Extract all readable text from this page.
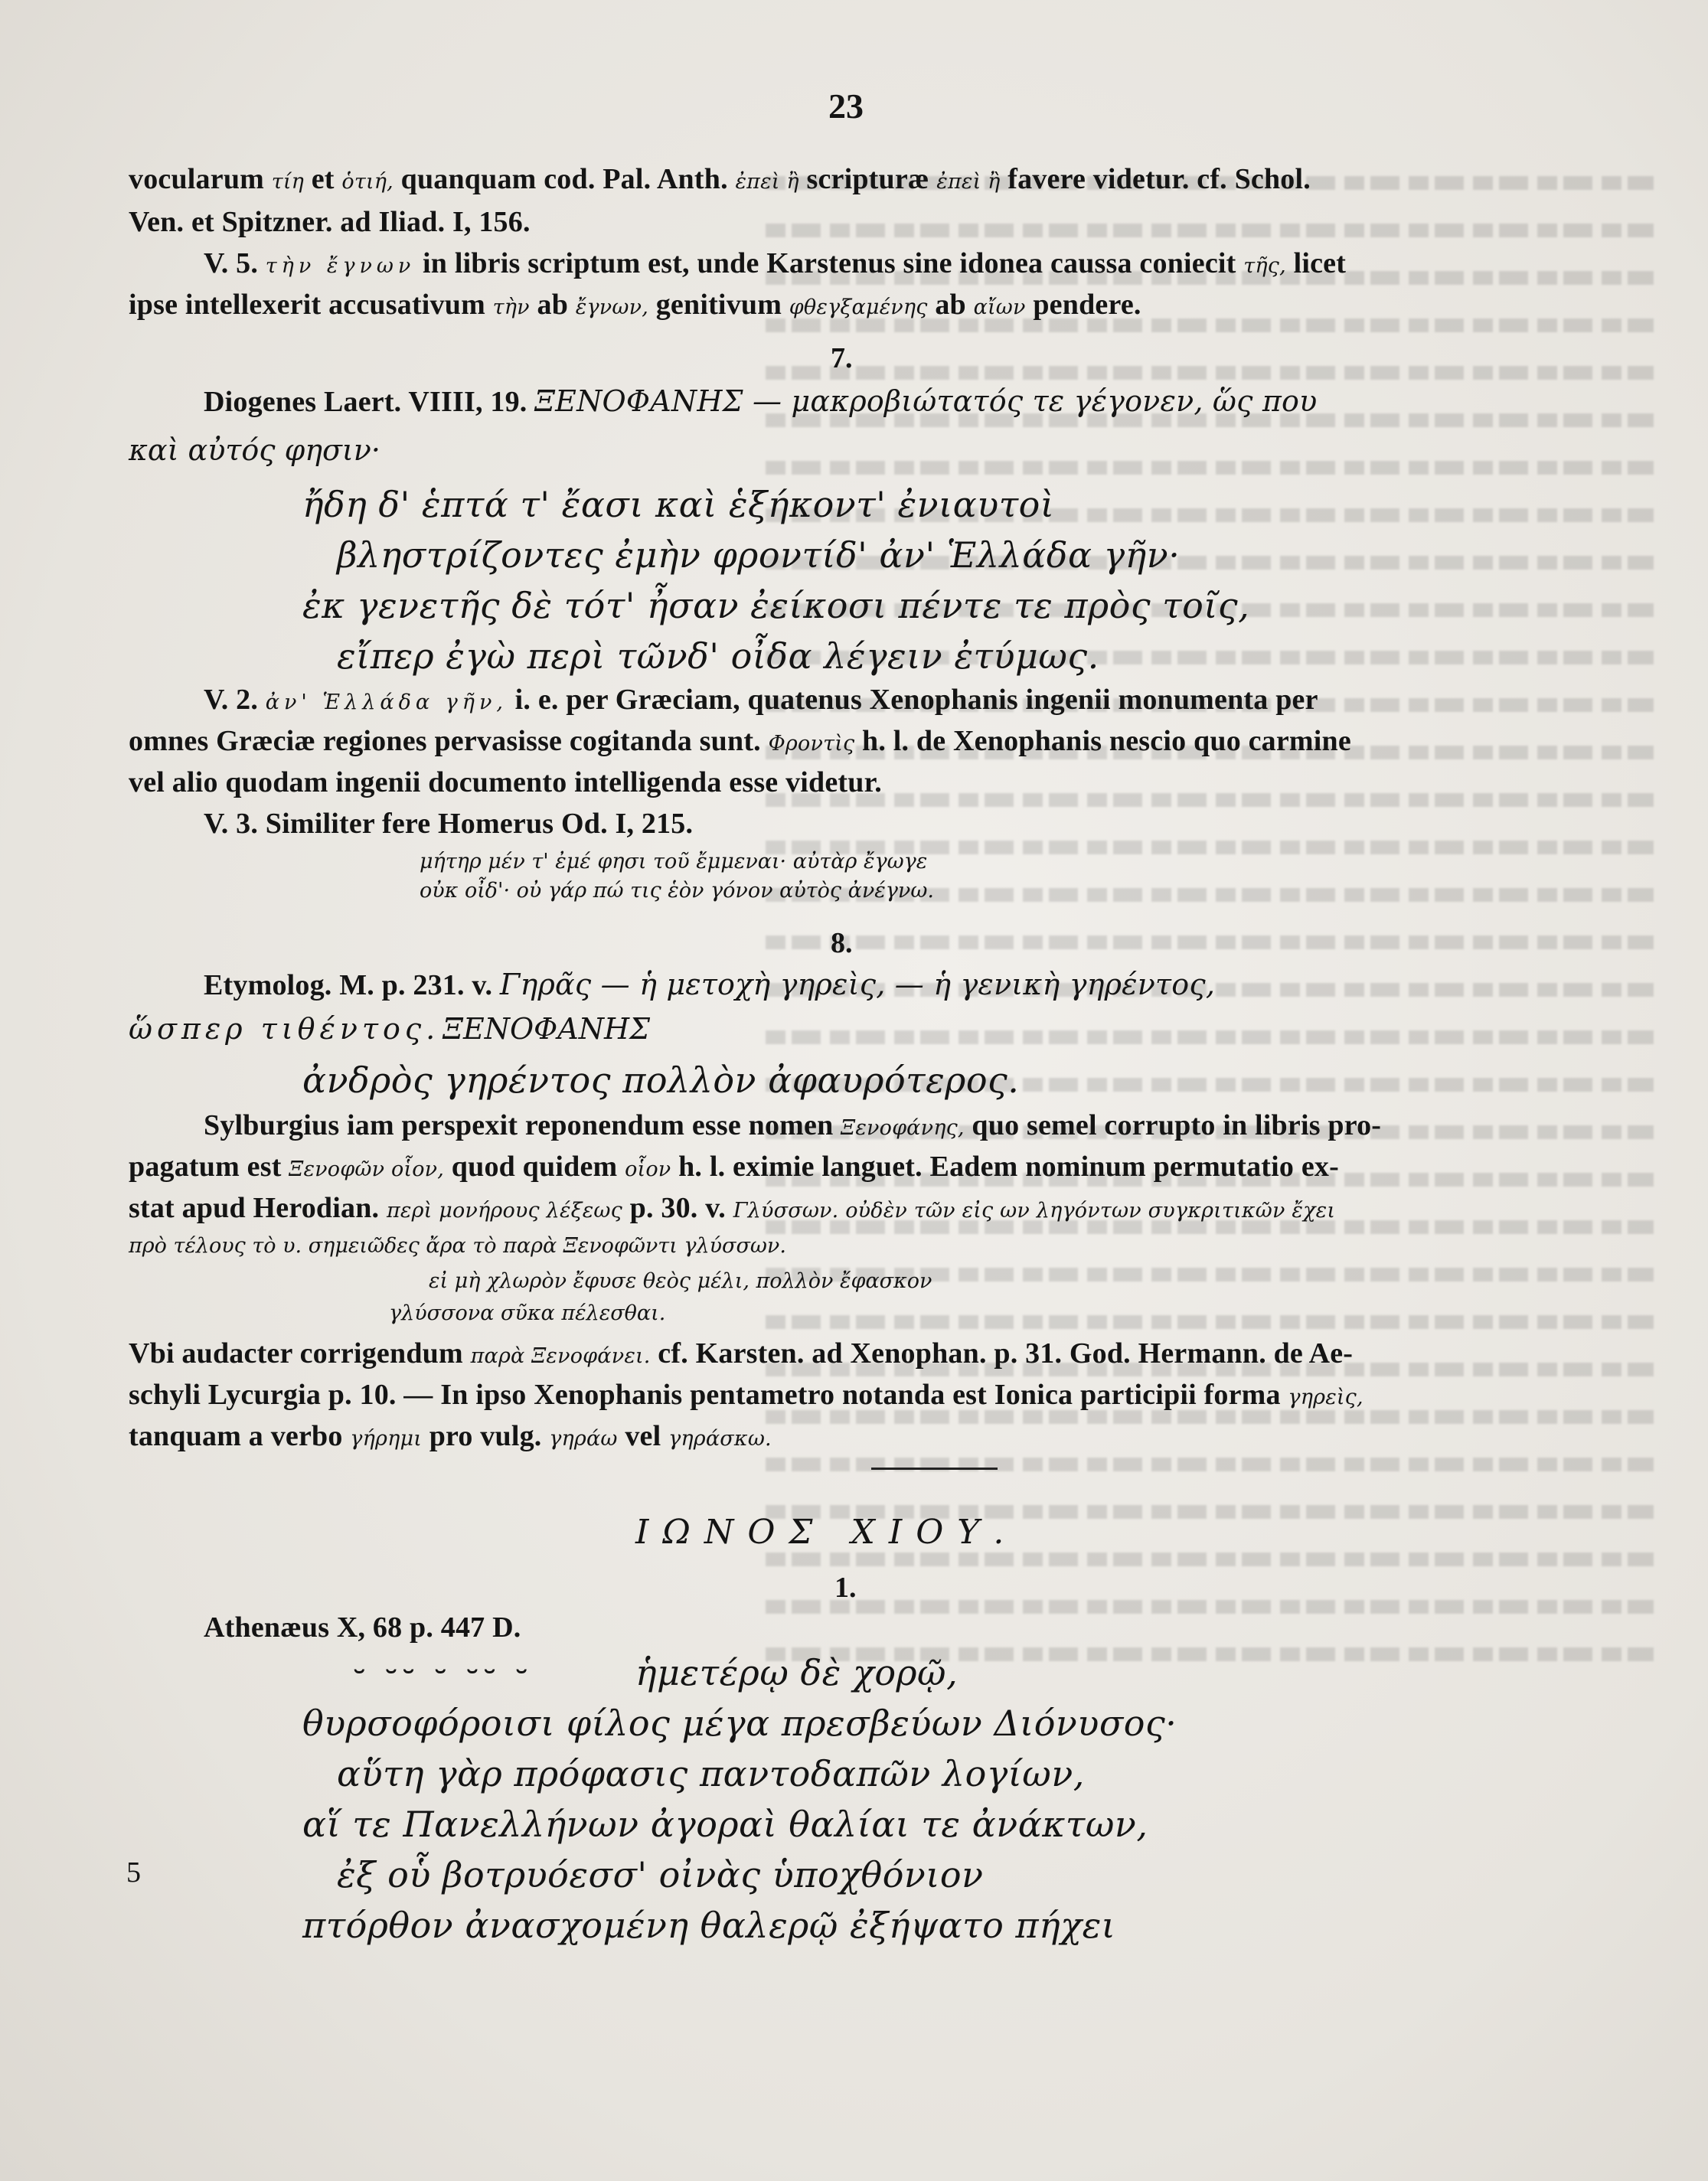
23
vocularum τίη et ὁτιή, quanquam cod. Pal. Anth. ἐπεὶ ἢ scripturæ ἐπεὶ ἢ favere videtur. cf. Schol.
Ven. et Spitzner. ad Iliad. I, 156.
V. 5. τὴν ἔγνων in libris scriptum est, unde Karstenus sine idonea caussa coniecit τῆς, licet
ipse intellexerit accusativum τὴν ab ἔγνων, genitivum φθεγξαμένης ab αἴων pendere.
7.
Diogenes Laert. VIIII, 19. ΞΕΝΟΦΑΝΗΣ — μακροβιώτατός τε γέγονεν, ὥς που
καὶ αὐτός φησιν·
ἤδη δ' ἑπτά τ' ἔασι καὶ ἑξήκοντ' ἐνιαυτοὶ
βληστρίζοντες ἐμὴν φροντίδ' ἀν' Ἑλλάδα γῆν·
ἐκ γενετῆς δὲ τότ' ἦσαν ἐείκοσι πέντε τε πρὸς τοῖς,
εἴπερ ἐγὼ περὶ τῶνδ' οἶδα λέγειν ἐτύμως.
V. 2. ἀν' Ἑλλάδα γῆν, i. e. per Græciam, quatenus Xenophanis ingenii monumenta per
omnes Græciæ regiones pervasisse cogitanda sunt. Φροντὶς h. l. de Xenophanis nescio quo carmine
vel alio quodam ingenii documento intelligenda esse videtur.
V. 3. Similiter fere Homerus Od. I, 215.
μήτηρ μέν τ' ἐμέ φησι τοῦ ἔμμεναι· αὐτὰρ ἔγωγε
οὐκ οἶδ'· οὐ γάρ πώ τις ἑὸν γόνον αὐτὸς ἀνέγνω.
8.
Etymolog. M. p. 231. v. Γηρᾶς — ἡ μετοχὴ γηρεὶς, — ἡ γενικὴ γηρέντος,
ὥσπερ τιθέντος. ΞΕΝΟΦΑΝΗΣ
ἀνδρὸς γηρέντος πολλὸν ἀφαυρότερος.
Sylburgius iam perspexit reponendum esse nomen Ξενοφάνης, quo semel corrupto in libris pro-
pagatum est Ξενοφῶν οἷον, quod quidem οἷον h. l. eximie languet. Eadem nominum permutatio ex-
stat apud Herodian. περὶ μονήρους λέξεως p. 30. v. Γλύσσων. οὐδὲν τῶν εἰς ων ληγόντων συγκριτικῶν ἔχει
πρὸ τέλους τὸ υ. σημειῶδες ἄρα τὸ παρὰ Ξενοφῶντι γλύσσων.
εἰ μὴ χλωρὸν ἔφυσε θεὸς μέλι, πολλὸν ἔφασκον
γλύσσονα σῦκα πέλεσθαι.
Vbi audacter corrigendum παρὰ Ξενοφάνει. cf. Karsten. ad Xenophan. p. 31. God. Hermann. de Ae-
schyli Lycurgia p. 10. — In ipso Xenophanis pentametro notanda est Ionica participii forma γηρεὶς,
tanquam a verbo γήρημι pro vulg. γηράω vel γηράσκω.
ΙΩΝΟΣ ΧΙΟΥ.
1.
Athenæus X, 68 p. 447 D.
⏑ ⏑⏑ ⏑ ⏑⏑ ⏑	ἡμετέρῳ δὲ χορῷ,
θυρσοφόροισι φίλος μέγα πρεσβεύων Διόνυσος·
αὕτη γὰρ πρόφασις παντοδαπῶν λογίων,
αἵ τε Πανελλήνων ἀγοραὶ θαλίαι τε ἀνάκτων,
5	ἐξ οὗ βοτρυόεσσ' οἰνὰς ὑποχθόνιον
πτόρθον ἀνασχομένη θαλερῷ ἐξήψατο πήχει
